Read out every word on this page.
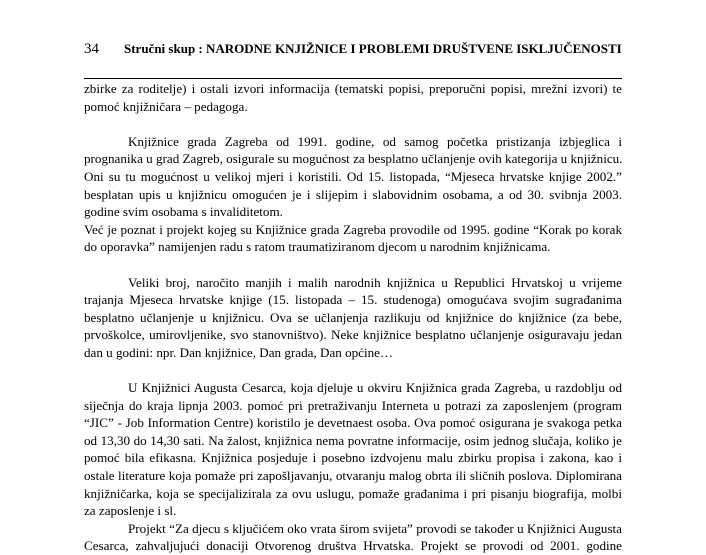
34 Stručni skup : NARODNE KNJIŽNICE I PROBLEMI DRUŠTVENE ISKLJUČENOSTI
zbirke za roditelje) i ostali izvori informacija (tematski popisi, preporučni popisi, mrežni izvori) te
pomoć knjižničara – pedagoga.
Knjižnice grada Zagreba od 1991. godine, od samog početka pristizanja izbjeglica i
prognanika u grad Zagreb, osigurale su mogućnost za besplatno učlanjenje ovih kategorija u knjižnicu.
Oni su tu mogućnost u velikoj mjeri i koristili. Od 15. listopada, “Mjeseca hrvatske knjige 2002.”
besplatan upis u knjižnicu omogućen je i slijepim i slabovidnim osobama, a od 30. svibnja 2003.
godine svim osobama s invaliditetom.
Već je poznat i projekt kojeg su Knjižnice grada Zagreba provodile od 1995. godine “Korak po korak
do oporavka” namijenjen radu s ratom traumatiziranom djecom u narodnim knjižnicama.
Veliki broj, naročito manjih i malih narodnih knjižnica u Republici Hrvatskoj u vrijeme
trajanja Mjeseca hrvatske knjige (15. listopada – 15. studenoga) omogućava svojim sugrađanima
besplatno učlanjenje u knjižnicu. Ova se učlanjenja razlikuju od knjižnice do knjižnice (za bebe,
prvoškolce, umirovljenike, svo stanovništvo). Neke knjižnice besplatno učlanjenje osiguravaju jedan
dan u godini: npr. Dan knjižnice, Dan grada, Dan općine…
U Knjižnici Augusta Cesarca, koja djeluje u okviru Knjižnica grada Zagreba, u razdoblju od
siječnja do kraja lipnja 2003. pomoć pri pretraživanju Interneta u potrazi za zaposlenjem (program
“JIC” - Job Information Centre) koristilo je devetnaest osoba. Ova pomoć osigurana je svakoga petka
od 13,30 do 14,30 sati. Na žalost, knjižnica nema povratne informacije, osim jednog slučaja, koliko je
pomoć bila efikasna. Knjižnica posjeduje i posebno izdvojenu malu zbirku propisa i zakona, kao i
ostale literature koja pomaže pri zapošljavanju, otvaranju malog obrta ili sličnih poslova. Diplomirana
knjižničarka, koja se specijalizirala za ovu uslugu, pomaže građanima i pri pisanju biografija, molbi
za zaposlenje i sl.
Projekt “Za djecu s ključićem oko vrata širom svijeta” provodi se također u Knjižnici Augusta
Cesarca, zahvaljujući donaciji Otvorenog društva Hrvatska. Projekt se provodi od 2001. godine
